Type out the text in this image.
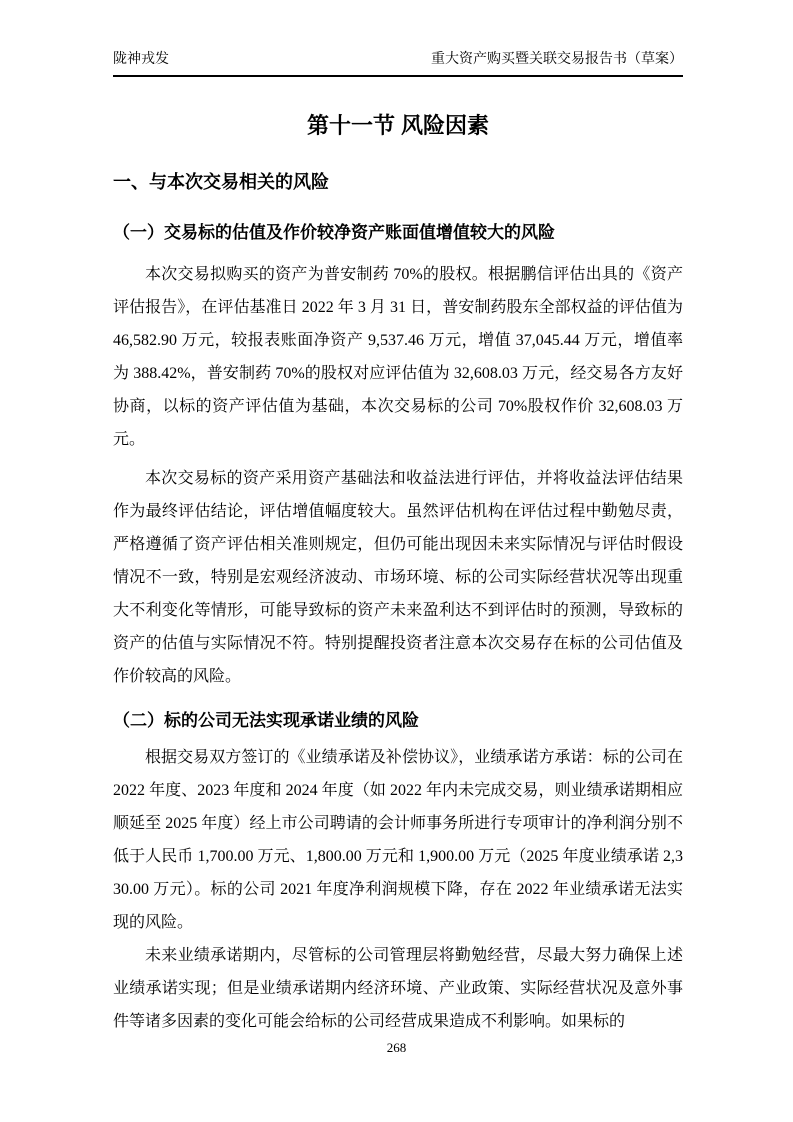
陇神戎发	重大资产购买暨关联交易报告书（草案）
第十一节 风险因素
一、与本次交易相关的风险
（一）交易标的估值及作价较净资产账面值增值较大的风险

本次交易拟购买的资产为普安制药 70%的股权。根据鹏信评估出具的《资产评估报告》，在评估基准日 2022 年 3 月 31 日，普安制药股东全部权益的评估值为 46,582.90 万元，较报表账面净资产 9,537.46 万元，增值 37,045.44 万元，增值率为 388.42%，普安制药 70%的股权对应评估值为 32,608.03 万元，经交易各方友好协商，以标的资产评估值为基础，本次交易标的公司 70%股权作价 32,608.03 万元。

本次交易标的资产采用资产基础法和收益法进行评估，并将收益法评估结果作为最终评估结论，评估增值幅度较大。虽然评估机构在评估过程中勤勉尽责，严格遵循了资产评估相关准则规定，但仍可能出现因未来实际情况与评估时假设情况不一致，特别是宏观经济波动、市场环境、标的公司实际经营状况等出现重大不利变化等情形，可能导致标的资产未来盈利达不到评估时的预测，导致标的资产的估值与实际情况不符。特别提醒投资者注意本次交易存在标的公司估值及作价较高的风险。

（二）标的公司无法实现承诺业绩的风险

根据交易双方签订的《业绩承诺及补偿协议》，业绩承诺方承诺：标的公司在 2022 年度、2023 年度和 2024 年度（如 2022 年内未完成交易，则业绩承诺期相应顺延至 2025 年度）经上市公司聘请的会计师事务所进行专项审计的净利润分别不低于人民币 1,700.00 万元、1,800.00 万元和 1,900.00 万元（2025 年度业绩承诺 2,330.00 万元）。标的公司 2021 年度净利润规模下降，存在 2022 年业绩承诺无法实现的风险。

未来业绩承诺期内，尽管标的公司管理层将勤勉经营，尽最大努力确保上述业绩承诺实现；但是业绩承诺期内经济环境、产业政策、实际经营状况及意外事件等诸多因素的变化可能会给标的公司经营成果造成不利影响。如果标的

268
